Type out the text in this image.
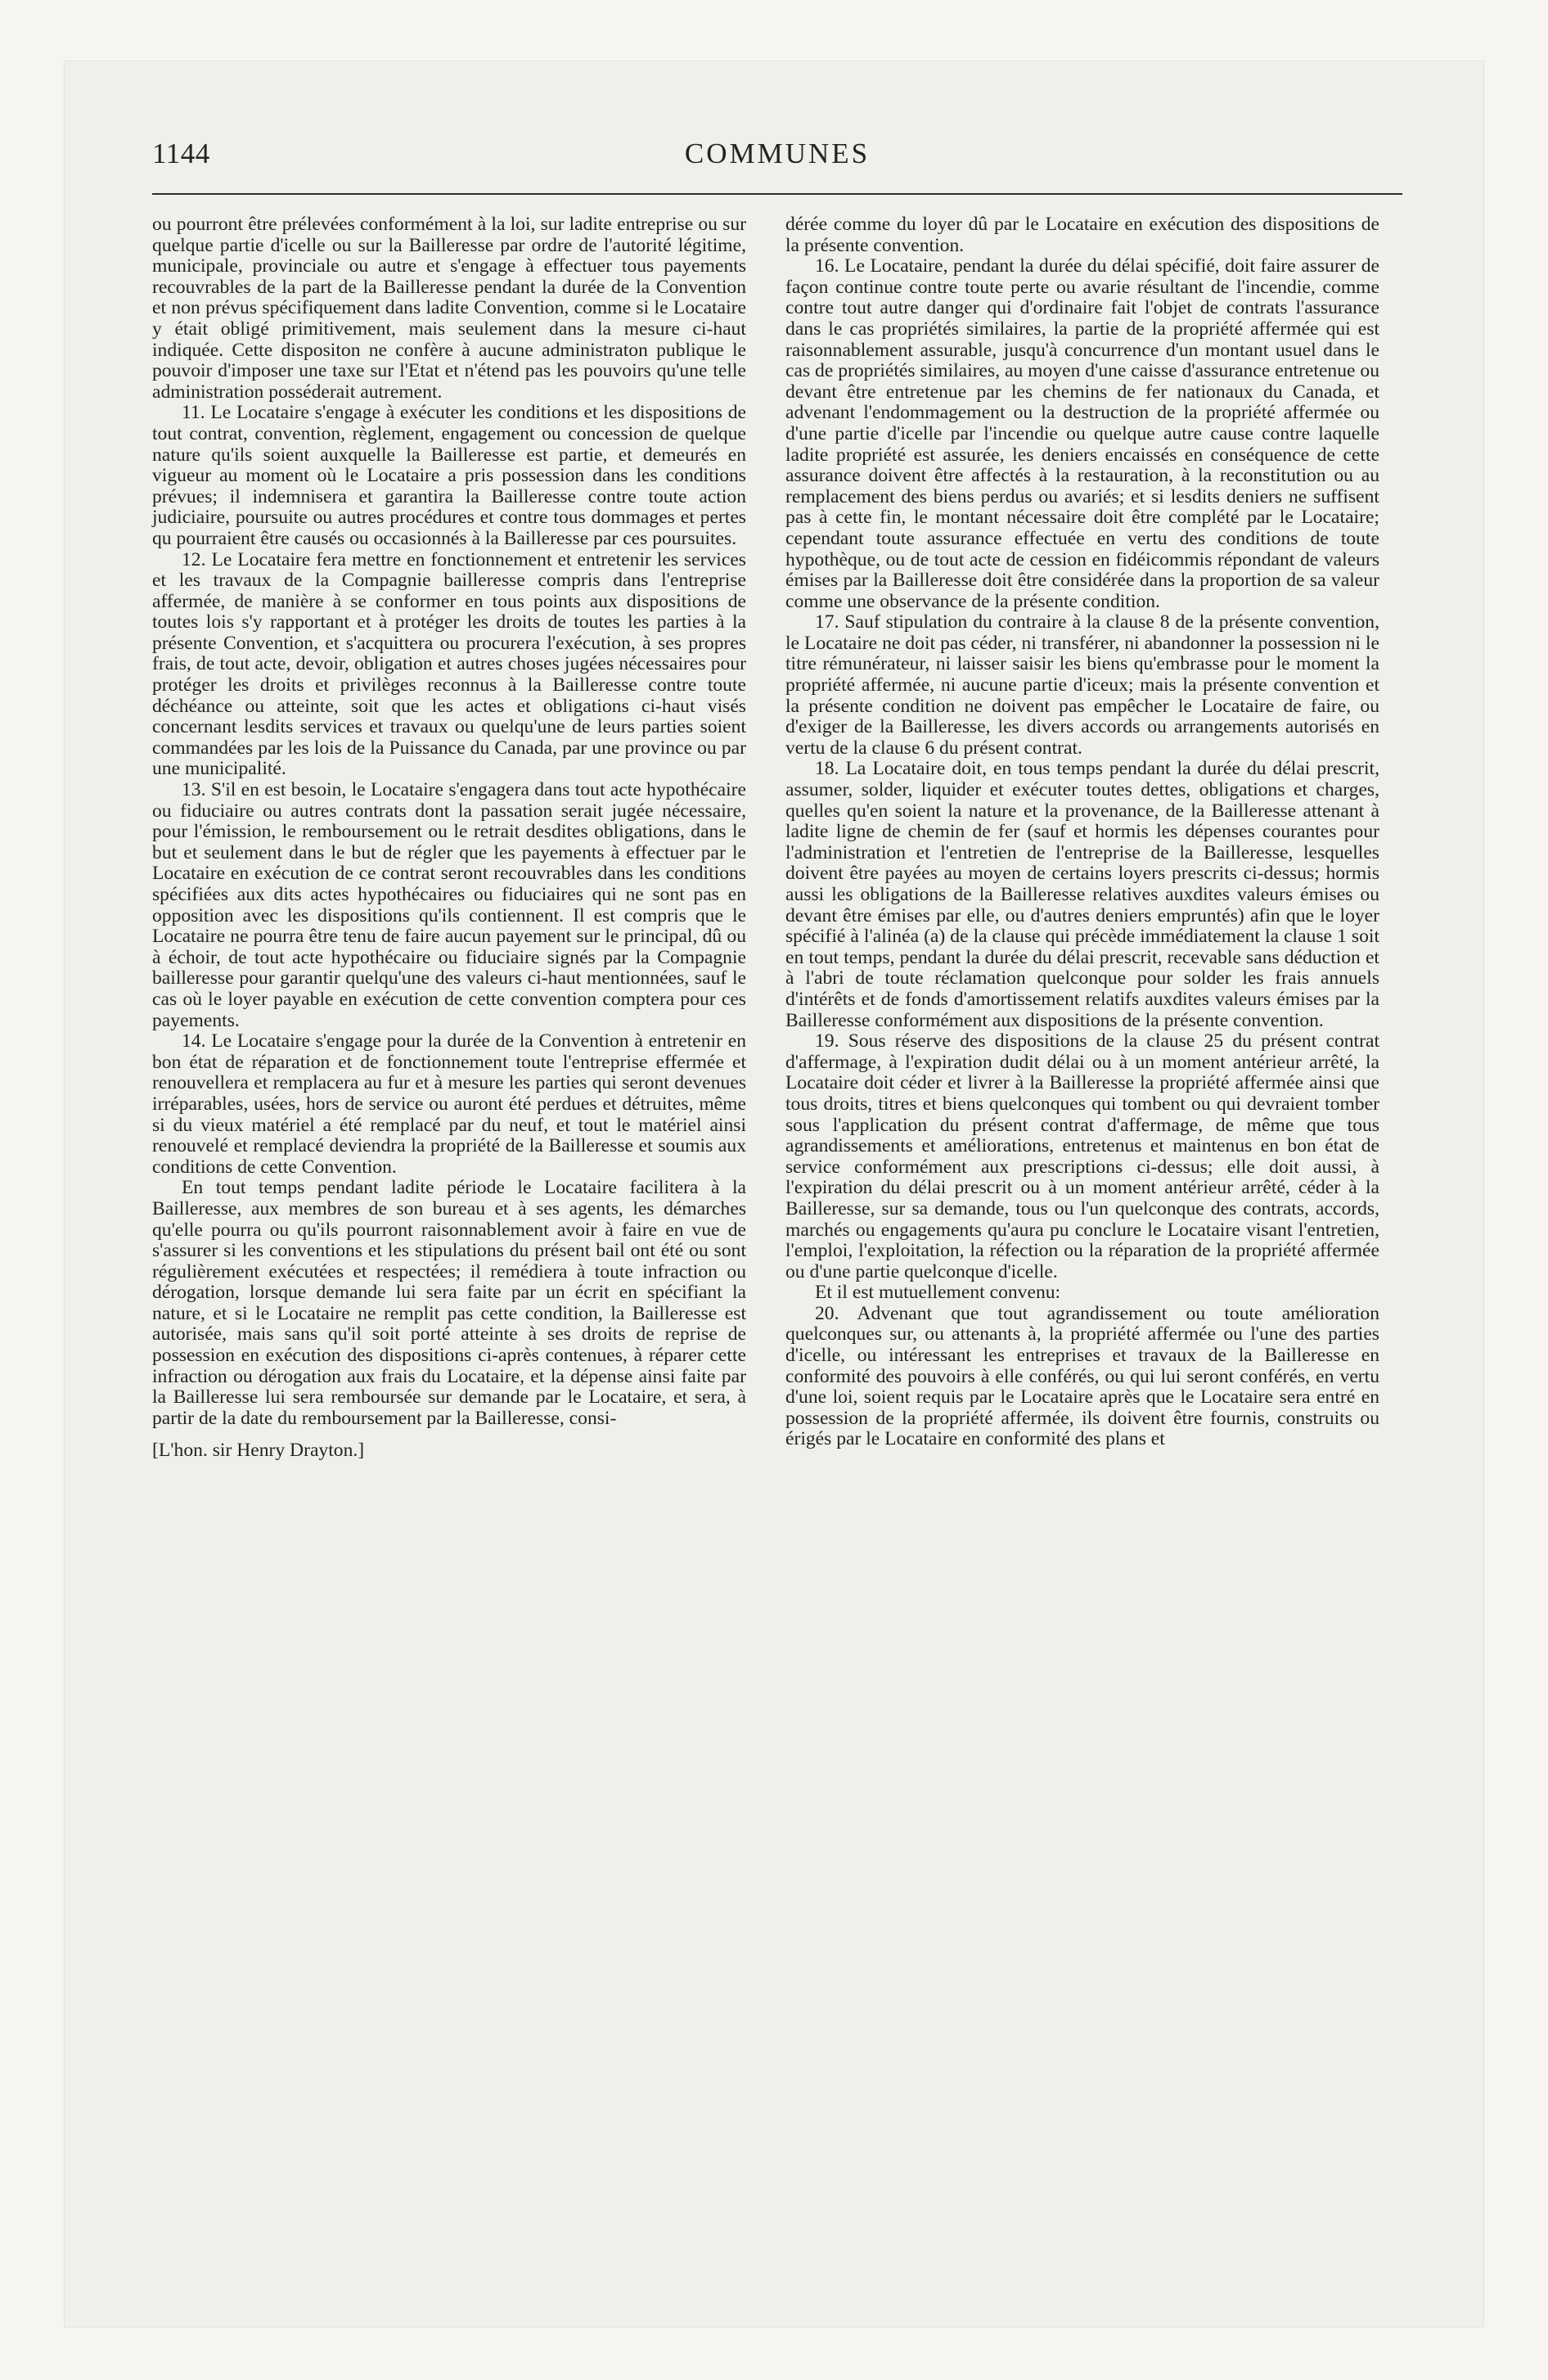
1144	COMMUNES

ou pourront être prélevées conformément à la loi, sur ladite entreprise ou sur quelque partie d'icelle ou sur la Bailleresse par ordre de l'autorité légitime, municipale, provinciale ou autre et s'engage à effectuer tous payements recouvrables de la part de la Bailleresse pendant la durée de la Convention et non prévus spécifiquement dans ladite Convention, comme si le Locataire y était obligé primitivement, mais seulement dans la mesure ci-haut indiquée. Cette dispositon ne confère à aucune administraton publique le pouvoir d'imposer une taxe sur l'Etat et n'étend pas les pouvoirs qu'une telle administration posséderait autrement.

11. Le Locataire s'engage à exécuter les conditions et les dispositions de tout contrat, convention, règlement, engagement ou concession de quelque nature qu'ils soient auxquelle la Bailleresse est partie, et demeurés en vigueur au moment où le Locataire a pris possession dans les conditions prévues; il indemnisera et garantira la Bailleresse contre toute action judiciaire, poursuite ou autres procédures et contre tous dommages et pertes qu pourraient être causés ou occasionnés à la Bailleresse par ces poursuites.

12. Le Locataire fera mettre en fonctionnement et entretenir les services et les travaux de la Compagnie bailleresse compris dans l'entreprise affermée, de manière à se conformer en tous points aux dispositions de toutes lois s'y rapportant et à protéger les droits de toutes les parties à la présente Convention, et s'acquittera ou procurera l'exécution, à ses propres frais, de tout acte, devoir, obligation et autres choses jugées nécessaires pour protéger les droits et privilèges reconnus à la Bailleresse contre toute déchéance ou atteinte, soit que les actes et obligations ci-haut visés concernant lesdits services et travaux ou quelqu'une de leurs parties soient commandées par les lois de la Puissance du Canada, par une province ou par une municipalité.

13. S'il en est besoin, le Locataire s'engagera dans tout acte hypothécaire ou fiduciaire ou autres contrats dont la passation serait jugée nécessaire, pour l'émission, le remboursement ou le retrait desdites obligations, dans le but et seulement dans le but de régler que les payements à effectuer par le Locataire en exécution de ce contrat seront recouvrables dans les conditions spécifiées aux dits actes hypothécaires ou fiduciaires qui ne sont pas en opposition avec les dispositions qu'ils contiennent. Il est compris que le Locataire ne pourra être tenu de faire aucun payement sur le principal, dû ou à échoir, de tout acte hypothécaire ou fiduciaire signés par la Compagnie bailleresse pour garantir quelqu'une des valeurs ci-haut mentionnées, sauf le cas où le loyer payable en exécution de cette convention comptera pour ces payements.

14. Le Locataire s'engage pour la durée de la Convention à entretenir en bon état de réparation et de fonctionnement toute l'entreprise effermée et renouvellera et remplacera au fur et à mesure les parties qui seront devenues irréparables, usées, hors de service ou auront été perdues et détruites, même si du vieux matériel a été remplacé par du neuf, et tout le matériel ainsi renouvelé et remplacé deviendra la propriété de la Bailleresse et soumis aux conditions de cette Convention.

En tout temps pendant ladite période le Locataire facilitera à la Bailleresse, aux membres de son bureau et à ses agents, les démarches qu'elle pourra ou qu'ils pourront raisonnablement avoir à faire en vue de s'assurer si les conventions et les stipulations du présent bail ont été ou sont régulièrement exécutées et respectées; il remédiera à toute infraction ou dérogation, lorsque demande lui sera faite par un écrit en spécifiant la nature, et si le Locataire ne remplit pas cette condition, la Bailleresse est autorisée, mais sans qu'il soit porté atteinte à ses droits de reprise de possession en exécution des dispositions ci-après contenues, à réparer cette infraction ou dérogation aux frais du Locataire, et la dépense ainsi faite par la Bailleresse lui sera remboursée sur demande par le Locataire, et sera, à partir de la date du remboursement par la Bailleresse, consi-

[L'hon. sir Henry Drayton.]

dérée comme du loyer dû par le Locataire en exécution des dispositions de la présente convention.

16. Le Locataire, pendant la durée du délai spécifié, doit faire assurer de façon continue contre toute perte ou avarie résultant de l'incendie, comme contre tout autre danger qui d'ordinaire fait l'objet de contrats l'assurance dans le cas propriétés similaires, la partie de la propriété affermée qui est raisonnablement assurable, jusqu'à concurrence d'un montant usuel dans le cas de propriétés similaires, au moyen d'une caisse d'assurance entretenue ou devant être entretenue par les chemins de fer nationaux du Canada, et advenant l'endommagement ou la destruction de la propriété affermée ou d'une partie d'icelle par l'incendie ou quelque autre cause contre laquelle ladite propriété est assurée, les deniers encaissés en conséquence de cette assurance doivent être affectés à la restauration, à la reconstitution ou au remplacement des biens perdus ou avariés; et si lesdits deniers ne suffisent pas à cette fin, le montant nécessaire doit être complété par le Locataire; cependant toute assurance effectuée en vertu des conditions de toute hypothèque, ou de tout acte de cession en fidéicommis répondant de valeurs émises par la Bailleresse doit être considérée dans la proportion de sa valeur comme une observance de la présente condition.

17. Sauf stipulation du contraire à la clause 8 de la présente convention, le Locataire ne doit pas céder, ni transférer, ni abandonner la possession ni le titre rémunérateur, ni laisser saisir les biens qu'embrasse pour le moment la propriété affermée, ni aucune partie d'iceux; mais la présente convention et la présente condition ne doivent pas empêcher le Locataire de faire, ou d'exiger de la Bailleresse, les divers accords ou arrangements autorisés en vertu de la clause 6 du présent contrat.

18. La Locataire doit, en tous temps pendant la durée du délai prescrit, assumer, solder, liquider et exécuter toutes dettes, obligations et charges, quelles qu'en soient la nature et la provenance, de la Bailleresse attenant à ladite ligne de chemin de fer (sauf et hormis les dépenses courantes pour l'administration et l'entretien de l'entreprise de la Bailleresse, lesquelles doivent être payées au moyen de certains loyers prescrits ci-dessus; hormis aussi les obligations de la Bailleresse relatives auxdites valeurs émises ou devant être émises par elle, ou d'autres deniers empruntés) afin que le loyer spécifié à l'alinéa (a) de la clause qui précède immédiatement la clause 1 soit en tout temps, pendant la durée du délai prescrit, recevable sans déduction et à l'abri de toute réclamation quelconque pour solder les frais annuels d'intérêts et de fonds d'amortissement relatifs auxdites valeurs émises par la Bailleresse conformément aux dispositions de la présente convention.

19. Sous réserve des dispositions de la clause 25 du présent contrat d'affermage, à l'expiration dudit délai ou à un moment antérieur arrêté, la Locataire doit céder et livrer à la Bailleresse la propriété affermée ainsi que tous droits, titres et biens quelconques qui tombent ou qui devraient tomber sous l'application du présent contrat d'affermage, de même que tous agrandissements et améliorations, entretenus et maintenus en bon état de service conformément aux prescriptions ci-dessus; elle doit aussi, à l'expiration du délai prescrit ou à un moment antérieur arrêté, céder à la Bailleresse, sur sa demande, tous ou l'un quelconque des contrats, accords, marchés ou engagements qu'aura pu conclure le Locataire visant l'entretien, l'emploi, l'exploitation, la réfection ou la réparation de la propriété affermée ou d'une partie quelconque d'icelle.

Et il est mutuellement convenu:

20. Advenant que tout agrandissement ou toute amélioration quelconques sur, ou attenants à, la propriété affermée ou l'une des parties d'icelle, ou intéressant les entreprises et travaux de la Bailleresse en conformité des pouvoirs à elle conférés, ou qui lui seront conférés, en vertu d'une loi, soient requis par le Locataire après que le Locataire sera entré en possession de la propriété affermée, ils doivent être fournis, construits ou érigés par le Locataire en conformité des plans et
